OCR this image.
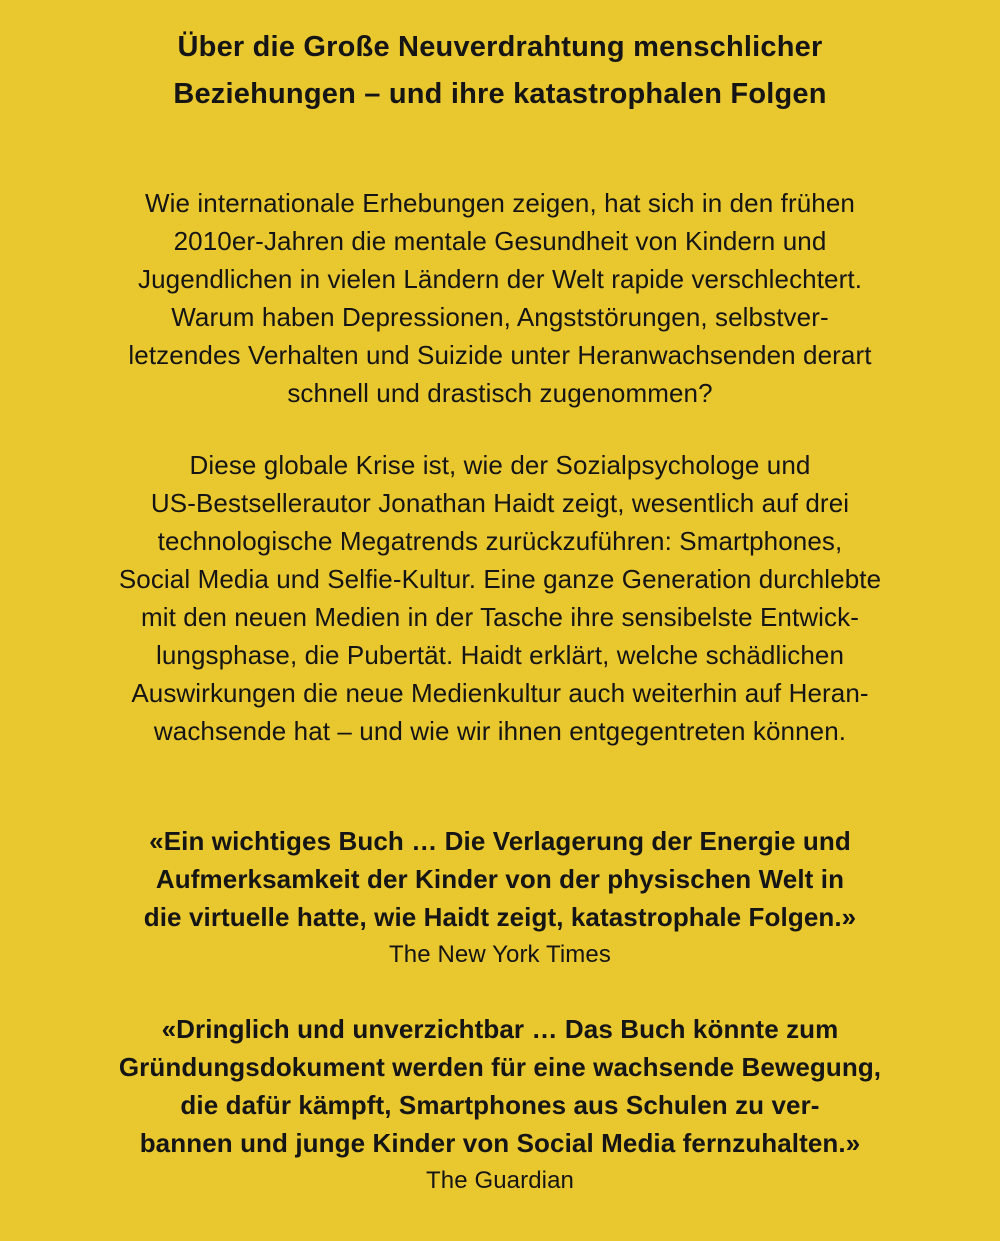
Über die Große Neuverdrahtung menschlicher
Beziehungen – und ihre katastrophalen Folgen
Wie internationale Erhebungen zeigen, hat sich in den frühen
2010er-Jahren die mentale Gesundheit von Kindern und
Jugendlichen in vielen Ländern der Welt rapide verschlechtert.
Warum haben Depressionen, Angststörungen, selbstver-
letzendes Verhalten und Suizide unter Heranwachsenden derart
schnell und drastisch zugenommen?
Diese globale Krise ist, wie der Sozialpsychologe und
US-Bestsellerautor Jonathan Haidt zeigt, wesentlich auf drei
technologische Megatrends zurückzuführen: Smartphones,
Social Media und Selfie-Kultur. Eine ganze Generation durchlebte
mit den neuen Medien in der Tasche ihre sensibelste Entwick-
lungsphase, die Pubertät. Haidt erklärt, welche schädlichen
Auswirkungen die neue Medienkultur auch weiterhin auf Heran-
wachsende hat – und wie wir ihnen entgegentreten können.
«Ein wichtiges Buch … Die Verlagerung der Energie und
Aufmerksamkeit der Kinder von der physischen Welt in
die virtuelle hatte, wie Haidt zeigt, katastrophale Folgen.»
The New York Times
«Dringlich und unverzichtbar … Das Buch könnte zum
Gründungsdokument werden für eine wachsende Bewegung,
die dafür kämpft, Smartphones aus Schulen zu ver-
bannen und junge Kinder von Social Media fernzuhalten.»
The Guardian
